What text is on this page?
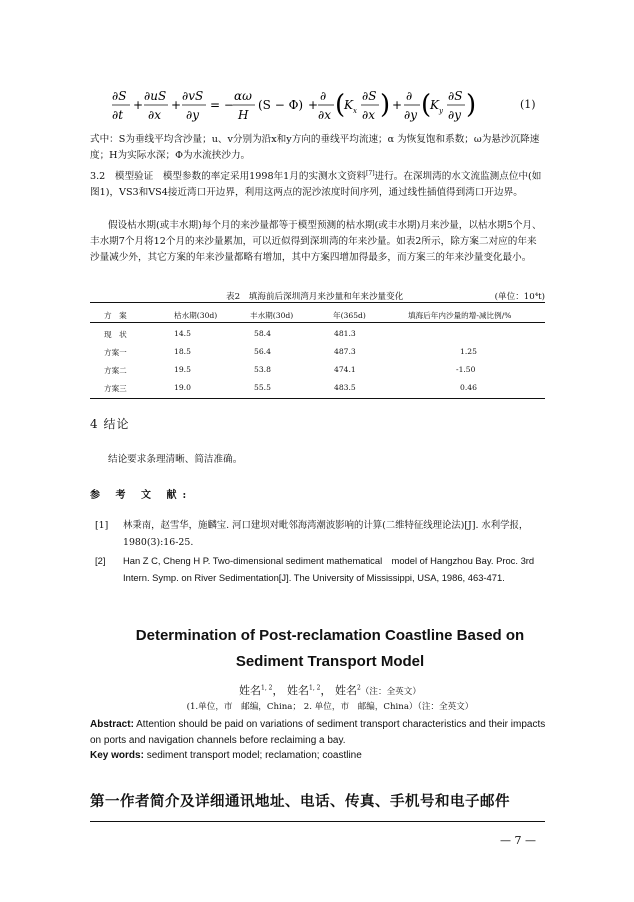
∂S
∂t
+
∂uS
∂x
+
∂vS
∂y
= −
αω
H
(S − Φ) +
∂
∂x (
K x
∂S
∂x ) +
∂
∂y (
K y
∂S
∂y )	(1)
式中：S为垂线平均含沙量；u、v分别为沿x和y方向的垂线平均流速；α 为恢复饱和系数；ω为悬沙沉降速度；H为实际水深；Φ为水流挟沙力。
3.2　模型验证　 模型参数的率定采用1998年1月的实测水文资料[7]进行。在深圳湾的水文流监测点位中(如图1)，VS3和VS4接近湾口开边界，利用这两点的泥沙浓度时间序列，通过线性插值得到湾口开边界。
假设枯水期(或丰水期)每个月的来沙量都等于模型预测的枯水期(或丰水期)月来沙量，以枯水期5个月、丰水期7个月将12个月的来沙量累加，可以近似得到深圳湾的年来沙量。如表2所示，除方案二对应的年来沙量减少外，其它方案的年来沙量都略有增加，其中方案四增加得最多，而方案三的年来沙量变化最小。
表2　填海前后深圳湾月来沙量和年来沙量变化	(单位：10⁴t)
方　案	枯水期(30d)	丰水期(30d)	年(365d)	填海后年内沙量的增-减比例/%
现　状	14.5	58.4	481.3
方案一	18.5	56.4	487.3	1.25
方案二	19.5	53.8	474.1	-1.50
方案三	19.0	55.5	483.5	0.46
4 结论
结论要求条理清晰、简洁准确。
参 考 文 献:
[1] 林秉南，赵雪华，施麟宝. 河口建坝对毗邻海湾潮波影响的计算(二维特征线理论法)[J]. 水利学报，1980(3):16-25.
[2] Han Z C, Cheng H P. Two-dimensional sediment mathematical　model of Hangzhou Bay. Proc. 3rd Intern. Symp. on River Sedimentation[J]. The University of Mississippi, USA, 1986, 463-471.
Determination of Post-reclamation Coastline Based on
Sediment Transport Model
姓名$^{1, 2}$， 姓名$^{1, 2}$， 姓名$^2$（注：全英文）
(1.单位，市　邮编，China； 2. 单位，市　邮编，China）（注：全英文）
Abstract: Attention should be paid on variations of sediment transport characteristics and their impacts on ports and navigation channels before reclaiming a bay.
Key words: sediment transport model; reclamation; coastline
第一作者简介及详细通讯地址、电话、传真、手机号和电子邮件
— 7 —
